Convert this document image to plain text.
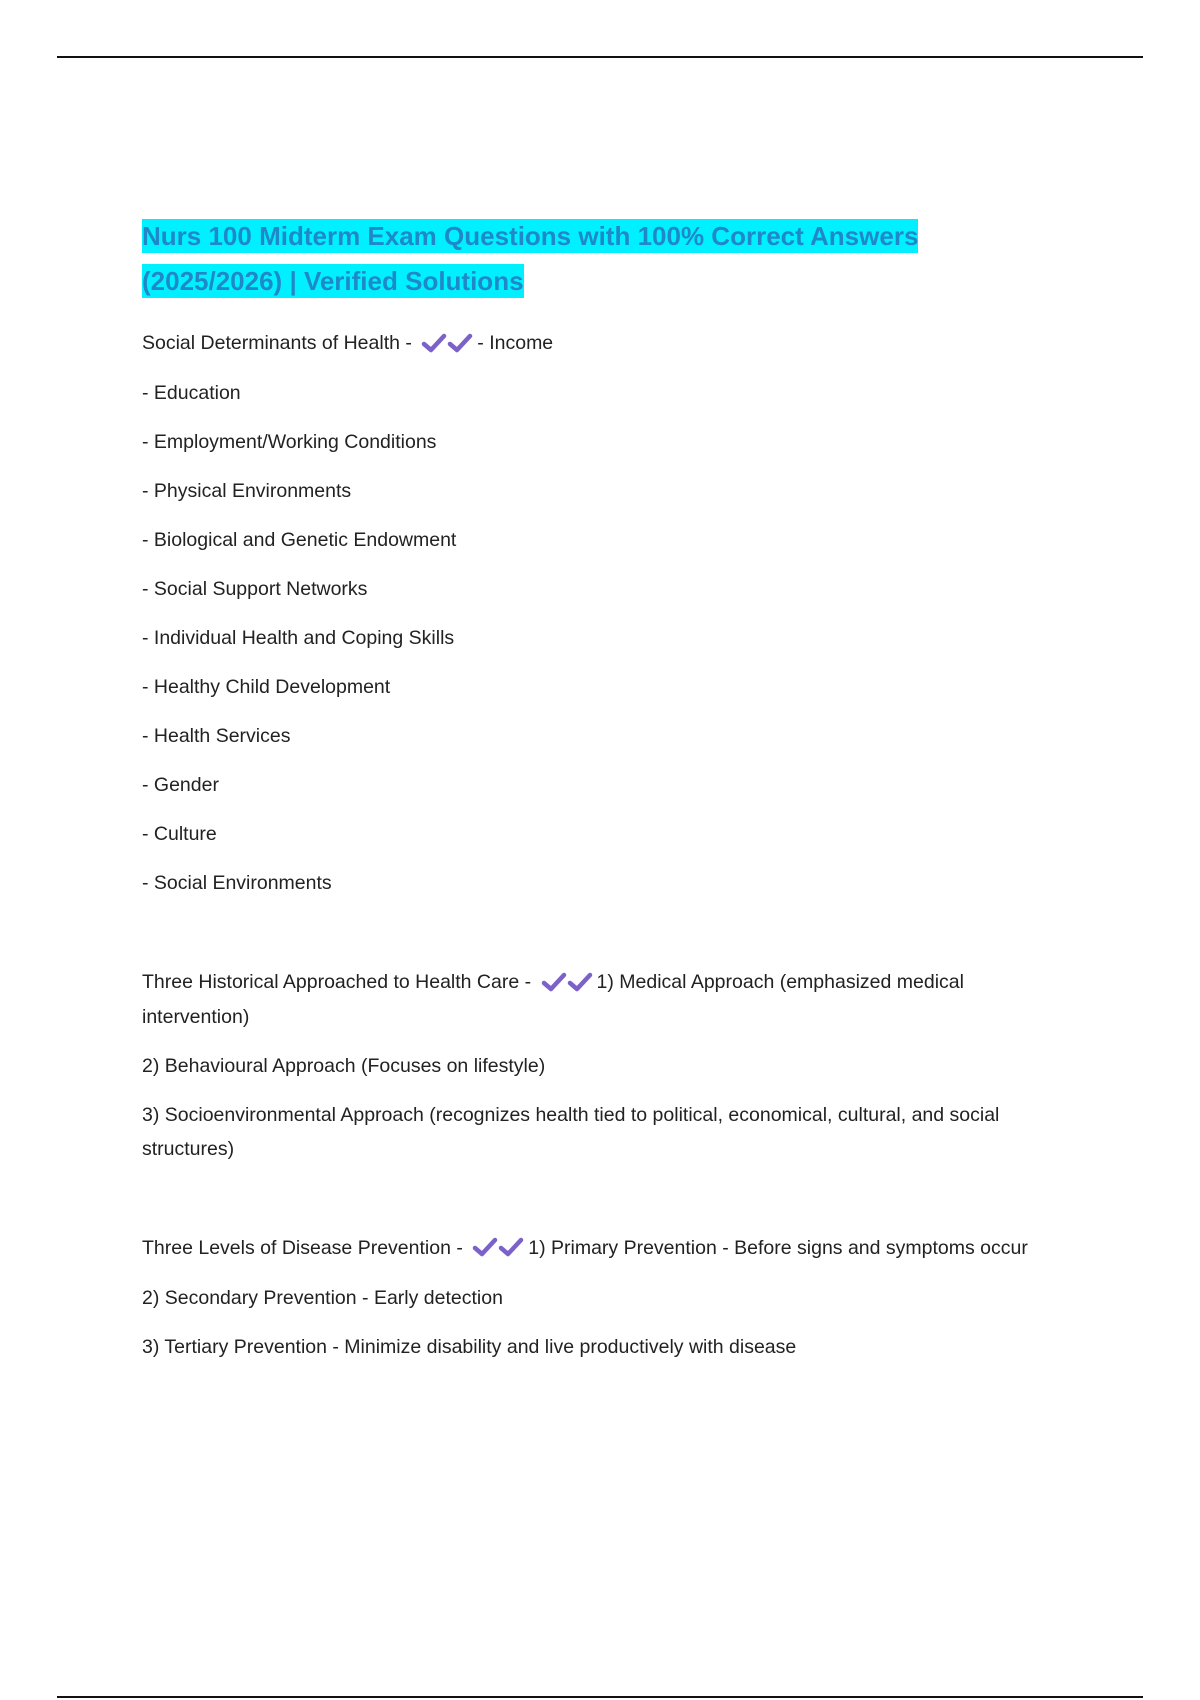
Nurs 100 Midterm Exam Questions with 100% Correct Answers
(2025/2026) | Verified Solutions
Social Determinants of Health -	- Income
- Education
- Employment/Working Conditions
- Physical Environments
- Biological and Genetic Endowment
- Social Support Networks
- Individual Health and Coping Skills
- Healthy Child Development
- Health Services
- Gender
- Culture
- Social Environments
Three Historical Approached to Health Care -	1) Medical Approach (emphasized medical intervention)
2) Behavioural Approach (Focuses on lifestyle)
3) Socioenvironmental Approach (recognizes health tied to political, economical, cultural, and social structures)
Three Levels of Disease Prevention -	1) Primary Prevention - Before signs and symptoms occur
2) Secondary Prevention - Early detection
3) Tertiary Prevention - Minimize disability and live productively with disease
